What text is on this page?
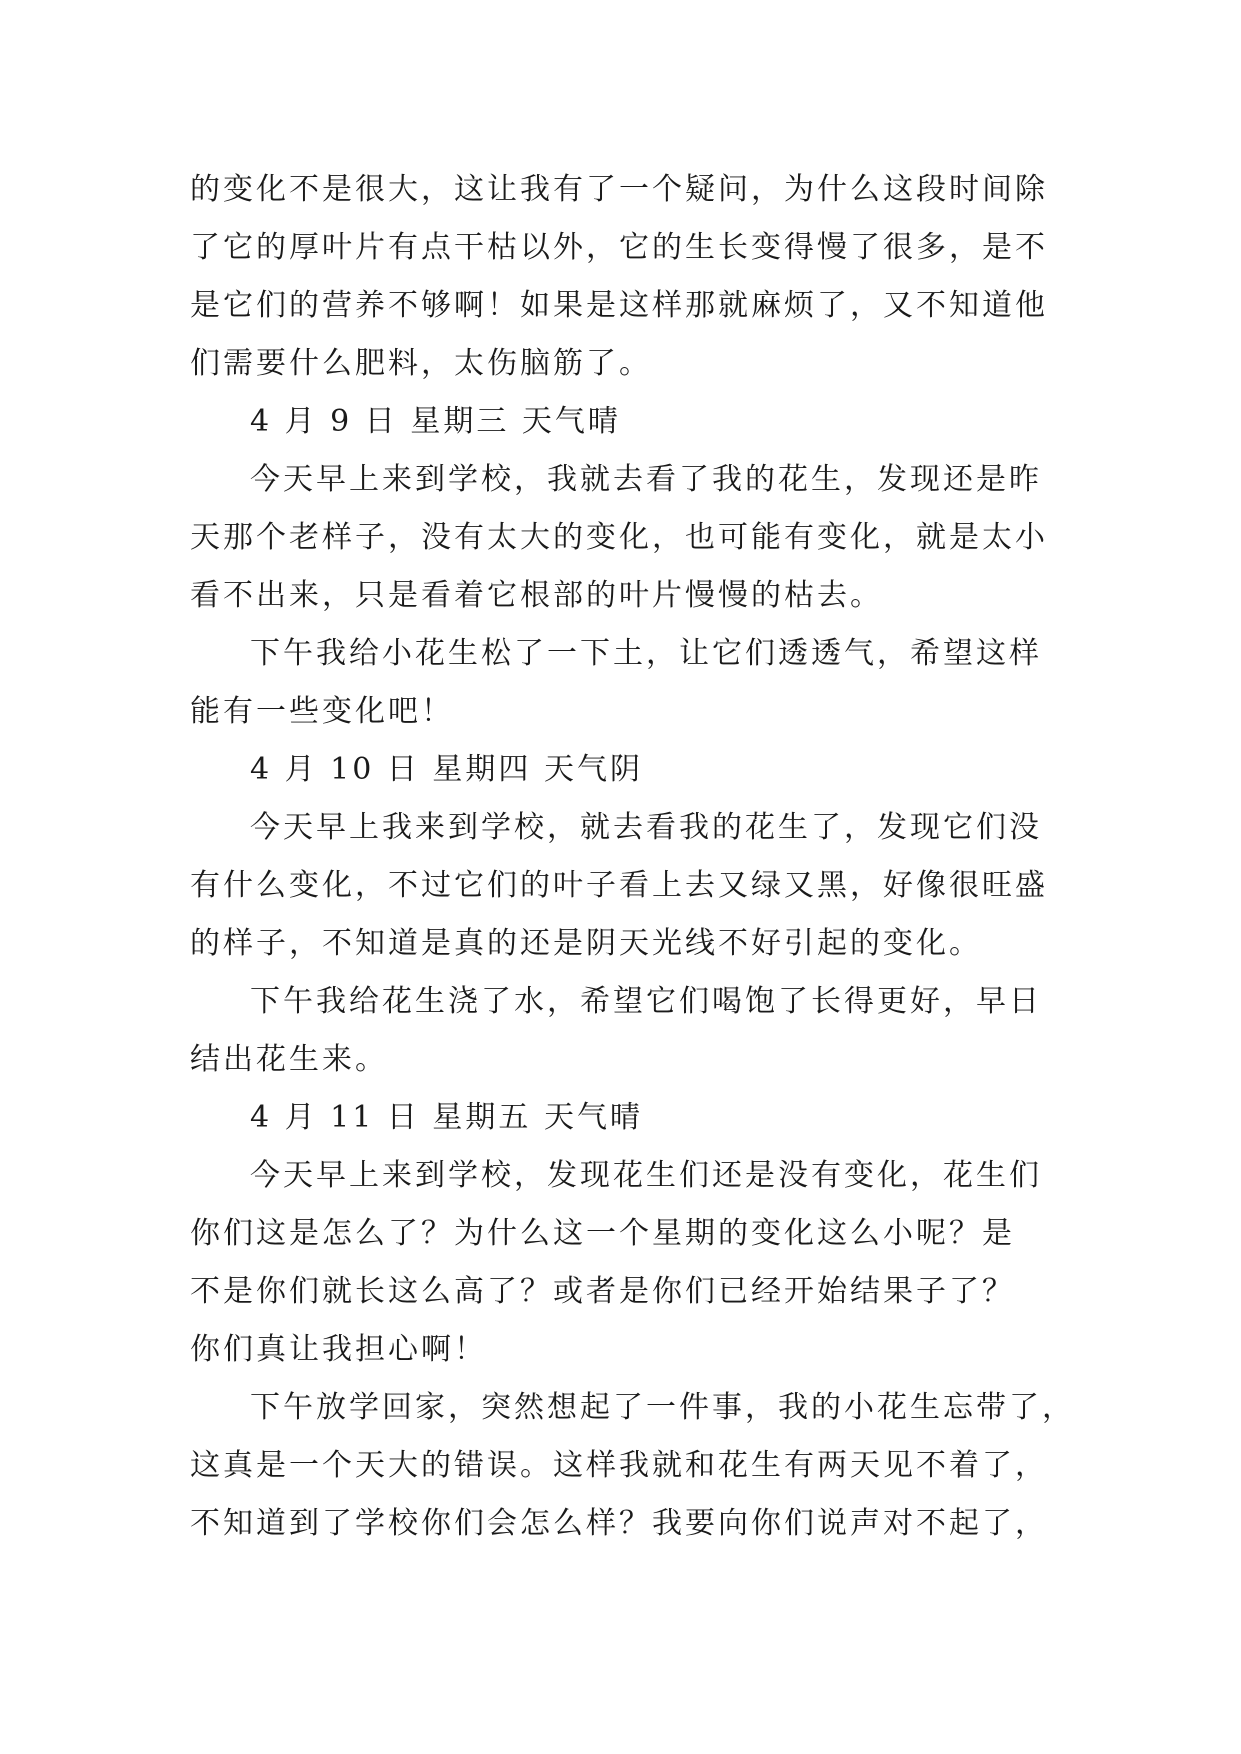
的变化不是很大，这让我有了一个疑问，为什么这段时间除
了它的厚叶片有点干枯以外，它的生长变得慢了很多，是不
是它们的营养不够啊！如果是这样那就麻烦了，又不知道他
们需要什么肥料，太伤脑筋了。
4 月 9 日 星期三 天气晴
今天早上来到学校，我就去看了我的花生，发现还是昨
天那个老样子，没有太大的变化，也可能有变化，就是太小
看不出来，只是看着它根部的叶片慢慢的枯去。
下午我给小花生松了一下土，让它们透透气，希望这样
能有一些变化吧！
4 月 10 日 星期四 天气阴
今天早上我来到学校，就去看我的花生了，发现它们没
有什么变化，不过它们的叶子看上去又绿又黑，好像很旺盛
的样子，不知道是真的还是阴天光线不好引起的变化。
下午我给花生浇了水，希望它们喝饱了长得更好，早日
结出花生来。
4 月 11 日 星期五 天气晴
今天早上来到学校，发现花生们还是没有变化，花生们
你们这是怎么了？为什么这一个星期的变化这么小呢？是
不是你们就长这么高了？或者是你们已经开始结果子了？
你们真让我担心啊！
下午放学回家，突然想起了一件事，我的小花生忘带了，
这真是一个天大的错误。这样我就和花生有两天见不着了，
不知道到了学校你们会怎么样？我要向你们说声对不起了，
